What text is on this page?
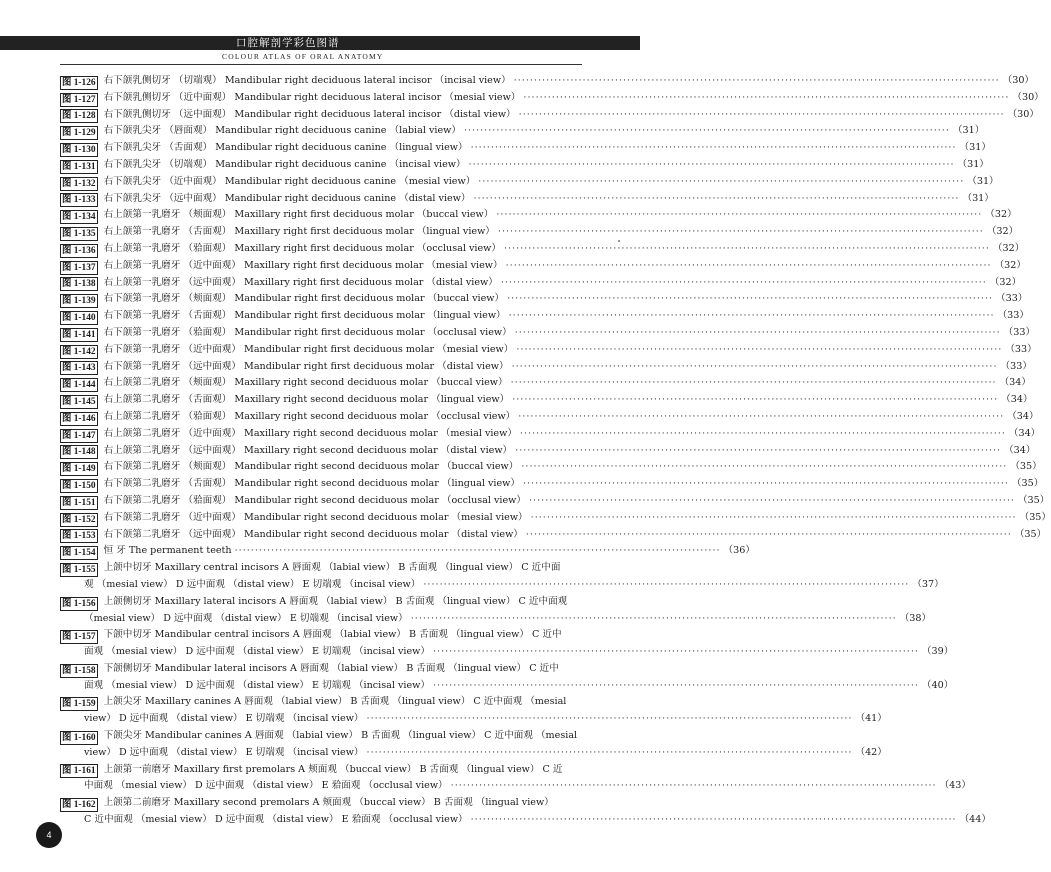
口腔解剖学彩色图谱
COLOUR ATLAS OF ORAL ANATOMY
图 1-126 右下颌乳侧切牙 （切端观） Mandibular right deciduous lateral incisor （incisal view） ························································································································ （30）
图 1-127 右下颌乳侧切牙 （近中面观） Mandibular right deciduous lateral incisor （mesial view） ························································································································ （30）
图 1-128 右下颌乳侧切牙 （远中面观） Mandibular right deciduous lateral incisor （distal view） ························································································································ （30）
图 1-129 右下颌乳尖牙 （唇面观） Mandibular right deciduous canine （labial view） ························································································································ （31）
图 1-130 右下颌乳尖牙 （舌面观） Mandibular right deciduous canine （lingual view） ························································································································ （31）
图 1-131 右下颌乳尖牙 （切端观） Mandibular right deciduous canine （incisal view） ························································································································ （31）
图 1-132 右下颌乳尖牙 （近中面观） Mandibular right deciduous canine （mesial view） ························································································································ （31）
图 1-133 右下颌乳尖牙 （远中面观） Mandibular right deciduous canine （distal view） ························································································································ （31）
图 1-134 右上颌第一乳磨牙 （颊面观） Maxillary right first deciduous molar （buccal view） ························································································································ （32）
图 1-135 右上颌第一乳磨牙 （舌面观） Maxillary right first deciduous molar （lingual view） ························································································································ （32）
图 1-136 右上颌第一乳磨牙 （𬌗面观） Maxillary right first deciduous molar （occlusal view） ························································································································ （32）
图 1-137 右上颌第一乳磨牙 （近中面观） Maxillary right first deciduous molar （mesial view） ························································································································ （32）
图 1-138 右上颌第一乳磨牙 （远中面观） Maxillary right first deciduous molar （distal view） ························································································································ （32）
图 1-139 右下颌第一乳磨牙 （颊面观） Mandibular right first deciduous molar （buccal view） ························································································································ （33）
图 1-140 右下颌第一乳磨牙 （舌面观） Mandibular right first deciduous molar （lingual view） ························································································································ （33）
图 1-141 右下颌第一乳磨牙 （𬌗面观） Mandibular right first deciduous molar （occlusal view） ························································································································ （33）
图 1-142 右下颌第一乳磨牙 （近中面观） Mandibular right first deciduous molar （mesial view） ························································································································ （33）
图 1-143 右下颌第一乳磨牙 （远中面观） Mandibular right first deciduous molar （distal view） ························································································································ （33）
图 1-144 右上颌第二乳磨牙 （颊面观） Maxillary right second deciduous molar （buccal view） ························································································································ （34）
图 1-145 右上颌第二乳磨牙 （舌面观） Maxillary right second deciduous molar （lingual view） ························································································································ （34）
图 1-146 右上颌第二乳磨牙 （𬌗面观） Maxillary right second deciduous molar （occlusal view） ························································································································ （34）
图 1-147 右上颌第二乳磨牙 （近中面观） Maxillary right second deciduous molar （mesial view） ························································································································ （34）
图 1-148 右上颌第二乳磨牙 （远中面观） Maxillary right second deciduous molar （distal view） ························································································································ （34）
图 1-149 右下颌第二乳磨牙 （颊面观） Mandibular right second deciduous molar （buccal view） ························································································································ （35）
图 1-150 右下颌第二乳磨牙 （舌面观） Mandibular right second deciduous molar （lingual view） ························································································································ （35）
图 1-151 右下颌第二乳磨牙 （𬌗面观） Mandibular right second deciduous molar （occlusal view） ························································································································ （35）
图 1-152 右下颌第二乳磨牙 （近中面观） Mandibular right second deciduous molar （mesial view） ························································································································ （35）
图 1-153 右下颌第二乳磨牙 （远中面观） Mandibular right second deciduous molar （distal view） ························································································································ （35）
图 1-154 恒 牙 The permanent teeth ························································································································ （36）
图 1-155 上颌中切牙 Maxillary central incisors A 唇面观 （labial view） B 舌面观 （lingual view） C 近中面
观 （mesial view） D 远中面观 （distal view） E 切端观 （incisal view） ························································································································ （37）
图 1-156 上颌侧切牙 Maxillary lateral incisors A 唇面观 （labial view） B 舌面观 （lingual view） C 近中面观
（mesial view） D 远中面观 （distal view） E 切端观 （incisal view） ························································································································ （38）
图 1-157 下颌中切牙 Mandibular central incisors A 唇面观 （labial view） B 舌面观 （lingual view） C 近中
面观 （mesial view） D 远中面观 （distal view） E 切端观 （incisal view） ························································································································ （39）
图 1-158 下颌侧切牙 Mandibular lateral incisors A 唇面观 （labial view） B 舌面观 （lingual view） C 近中
面观 （mesial view） D 远中面观 （distal view） E 切端观 （incisal view） ························································································································ （40）
图 1-159 上颌尖牙 Maxillary canines A 唇面观 （labial view） B 舌面观 （lingual view） C 近中面观 （mesial
view） D 远中面观 （distal view） E 切端观 （incisal view） ························································································································ （41）
图 1-160 下颌尖牙 Mandibular canines A 唇面观 （labial view） B 舌面观 （lingual view） C 近中面观 （mesial
view） D 远中面观 （distal view） E 切端观 （incisal view） ························································································································ （42）
图 1-161 上颌第一前磨牙 Maxillary first premolars A 颊面观 （buccal view） B 舌面观 （lingual view） C 近
中面观 （mesial view） D 远中面观 （distal view） E 𬌗面观 （occlusal view） ························································································································ （43）
图 1-162 上颌第二前磨牙 Maxillary second premolars A 颊面观 （buccal view） B 舌面观 （lingual view）
C 近中面观 （mesial view） D 远中面观 （distal view） E 𬌗面观 （occlusal view） ························································································································ （44）
4
